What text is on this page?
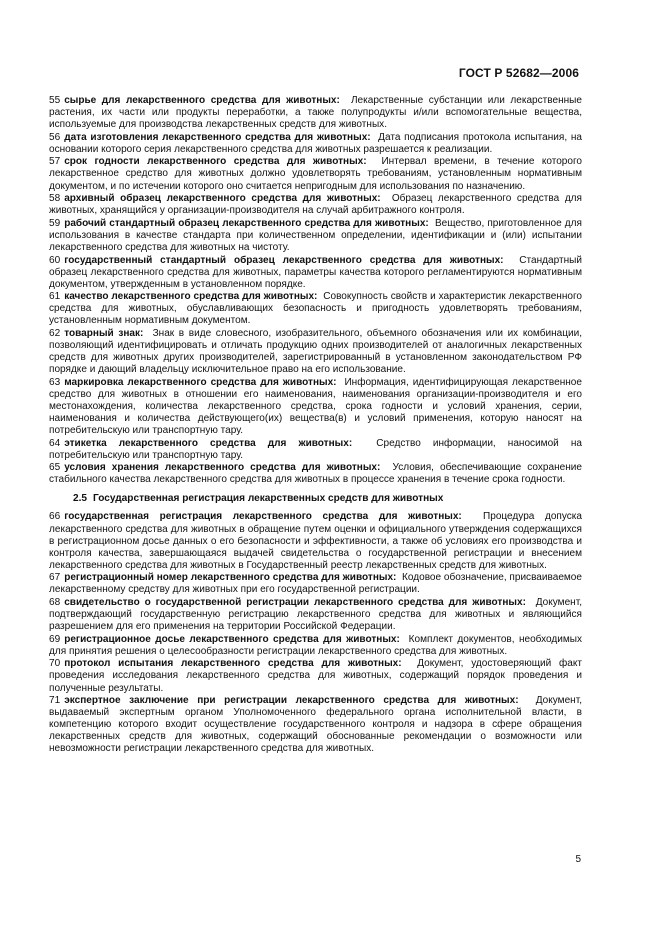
ГОСТ Р 52682—2006

55 сырье для лекарственного средства для животных: Лекарственные субстанции или лекарственные растения, их части или продукты переработки, а также полупродукты и/или вспомогательные вещества, используемые для производства лекарственных средств для животных.

56 дата изготовления лекарственного средства для животных: Дата подписания протокола испытания, на основании которого серия лекарственного средства для животных разрешается к реализации.

57 срок годности лекарственного средства для животных: Интервал времени, в течение которого лекарственное средство для животных должно удовлетворять требованиям, установленным нормативным документом, и по истечении которого оно считается непригодным для использования по назначению.

58 архивный образец лекарственного средства для животных: Образец лекарственного средства для животных, хранящийся у организации-производителя на случай арбитражного контроля.

59 рабочий стандартный образец лекарственного средства для животных: Вещество, приготовленное для использования в качестве стандарта при количественном определении, идентификации и (или) испытании лекарственного средства для животных на чистоту.

60 государственный стандартный образец лекарственного средства для животных: Стандартный образец лекарственного средства для животных, параметры качества которого регламентируются нормативным документом, утвержденным в установленном порядке.

61 качество лекарственного средства для животных: Совокупность свойств и характеристик лекарственного средства для животных, обуславливающих безопасность и пригодность удовлетворять требованиям, установленным нормативным документом.

62 товарный знак: Знак в виде словесного, изобразительного, объемного обозначения или их комбинации, позволяющий идентифицировать и отличать продукцию одних производителей от аналогичных лекарственных средств для животных других производителей, зарегистрированный в установленном законодательством РФ порядке и дающий владельцу исключительное право на его использование.

63 маркировка лекарственного средства для животных: Информация, идентифицирующая лекарственное средство для животных в отношении его наименования, наименования организации-производителя и его местонахождения, количества лекарственного средства, срока годности и условий хранения, серии, наименования и количества действующего(их) вещества(в) и условий применения, которую наносят на потребительскую или транспортную тару.

64 этикетка лекарственного средства для животных: Средство информации, наносимой на потребительскую или транспортную тару.

65 условия хранения лекарственного средства для животных: Условия, обеспечивающие сохранение стабильного качества лекарственного средства для животных в процессе хранения в течение срока годности.

2.5 Государственная регистрация лекарственных средств для животных

66 государственная регистрация лекарственного средства для животных: Процедура допуска лекарственного средства для животных в обращение путем оценки и официального утверждения содержащихся в регистрационном досье данных о его безопасности и эффективности, а также об условиях его производства и контроля качества, завершающаяся выдачей свидетельства о государственной регистрации и внесением лекарственного средства для животных в Государственный реестр лекарственных средств для животных.

67 регистрационный номер лекарственного средства для животных: Кодовое обозначение, присваиваемое лекарственному средству для животных при его государственной регистрации.

68 свидетельство о государственной регистрации лекарственного средства для животных: Документ, подтверждающий государственную регистрацию лекарственного средства для животных и являющийся разрешением для его применения на территории Российской Федерации.

69 регистрационное досье лекарственного средства для животных: Комплект документов, необходимых для принятия решения о целесообразности регистрации лекарственного средства для животных.

70 протокол испытания лекарственного средства для животных: Документ, удостоверяющий факт проведения исследования лекарственного средства для животных, содержащий порядок проведения и полученные результаты.

71 экспертное заключение при регистрации лекарственного средства для животных: Документ, выдаваемый экспертным органом Уполномоченного федерального органа исполнительной власти, в компетенцию которого входит осуществление государственного контроля и надзора в сфере обращения лекарственных средств для животных, содержащий обоснованные рекомендации о возможности или невозможности регистрации лекарственного средства для животных.

5
